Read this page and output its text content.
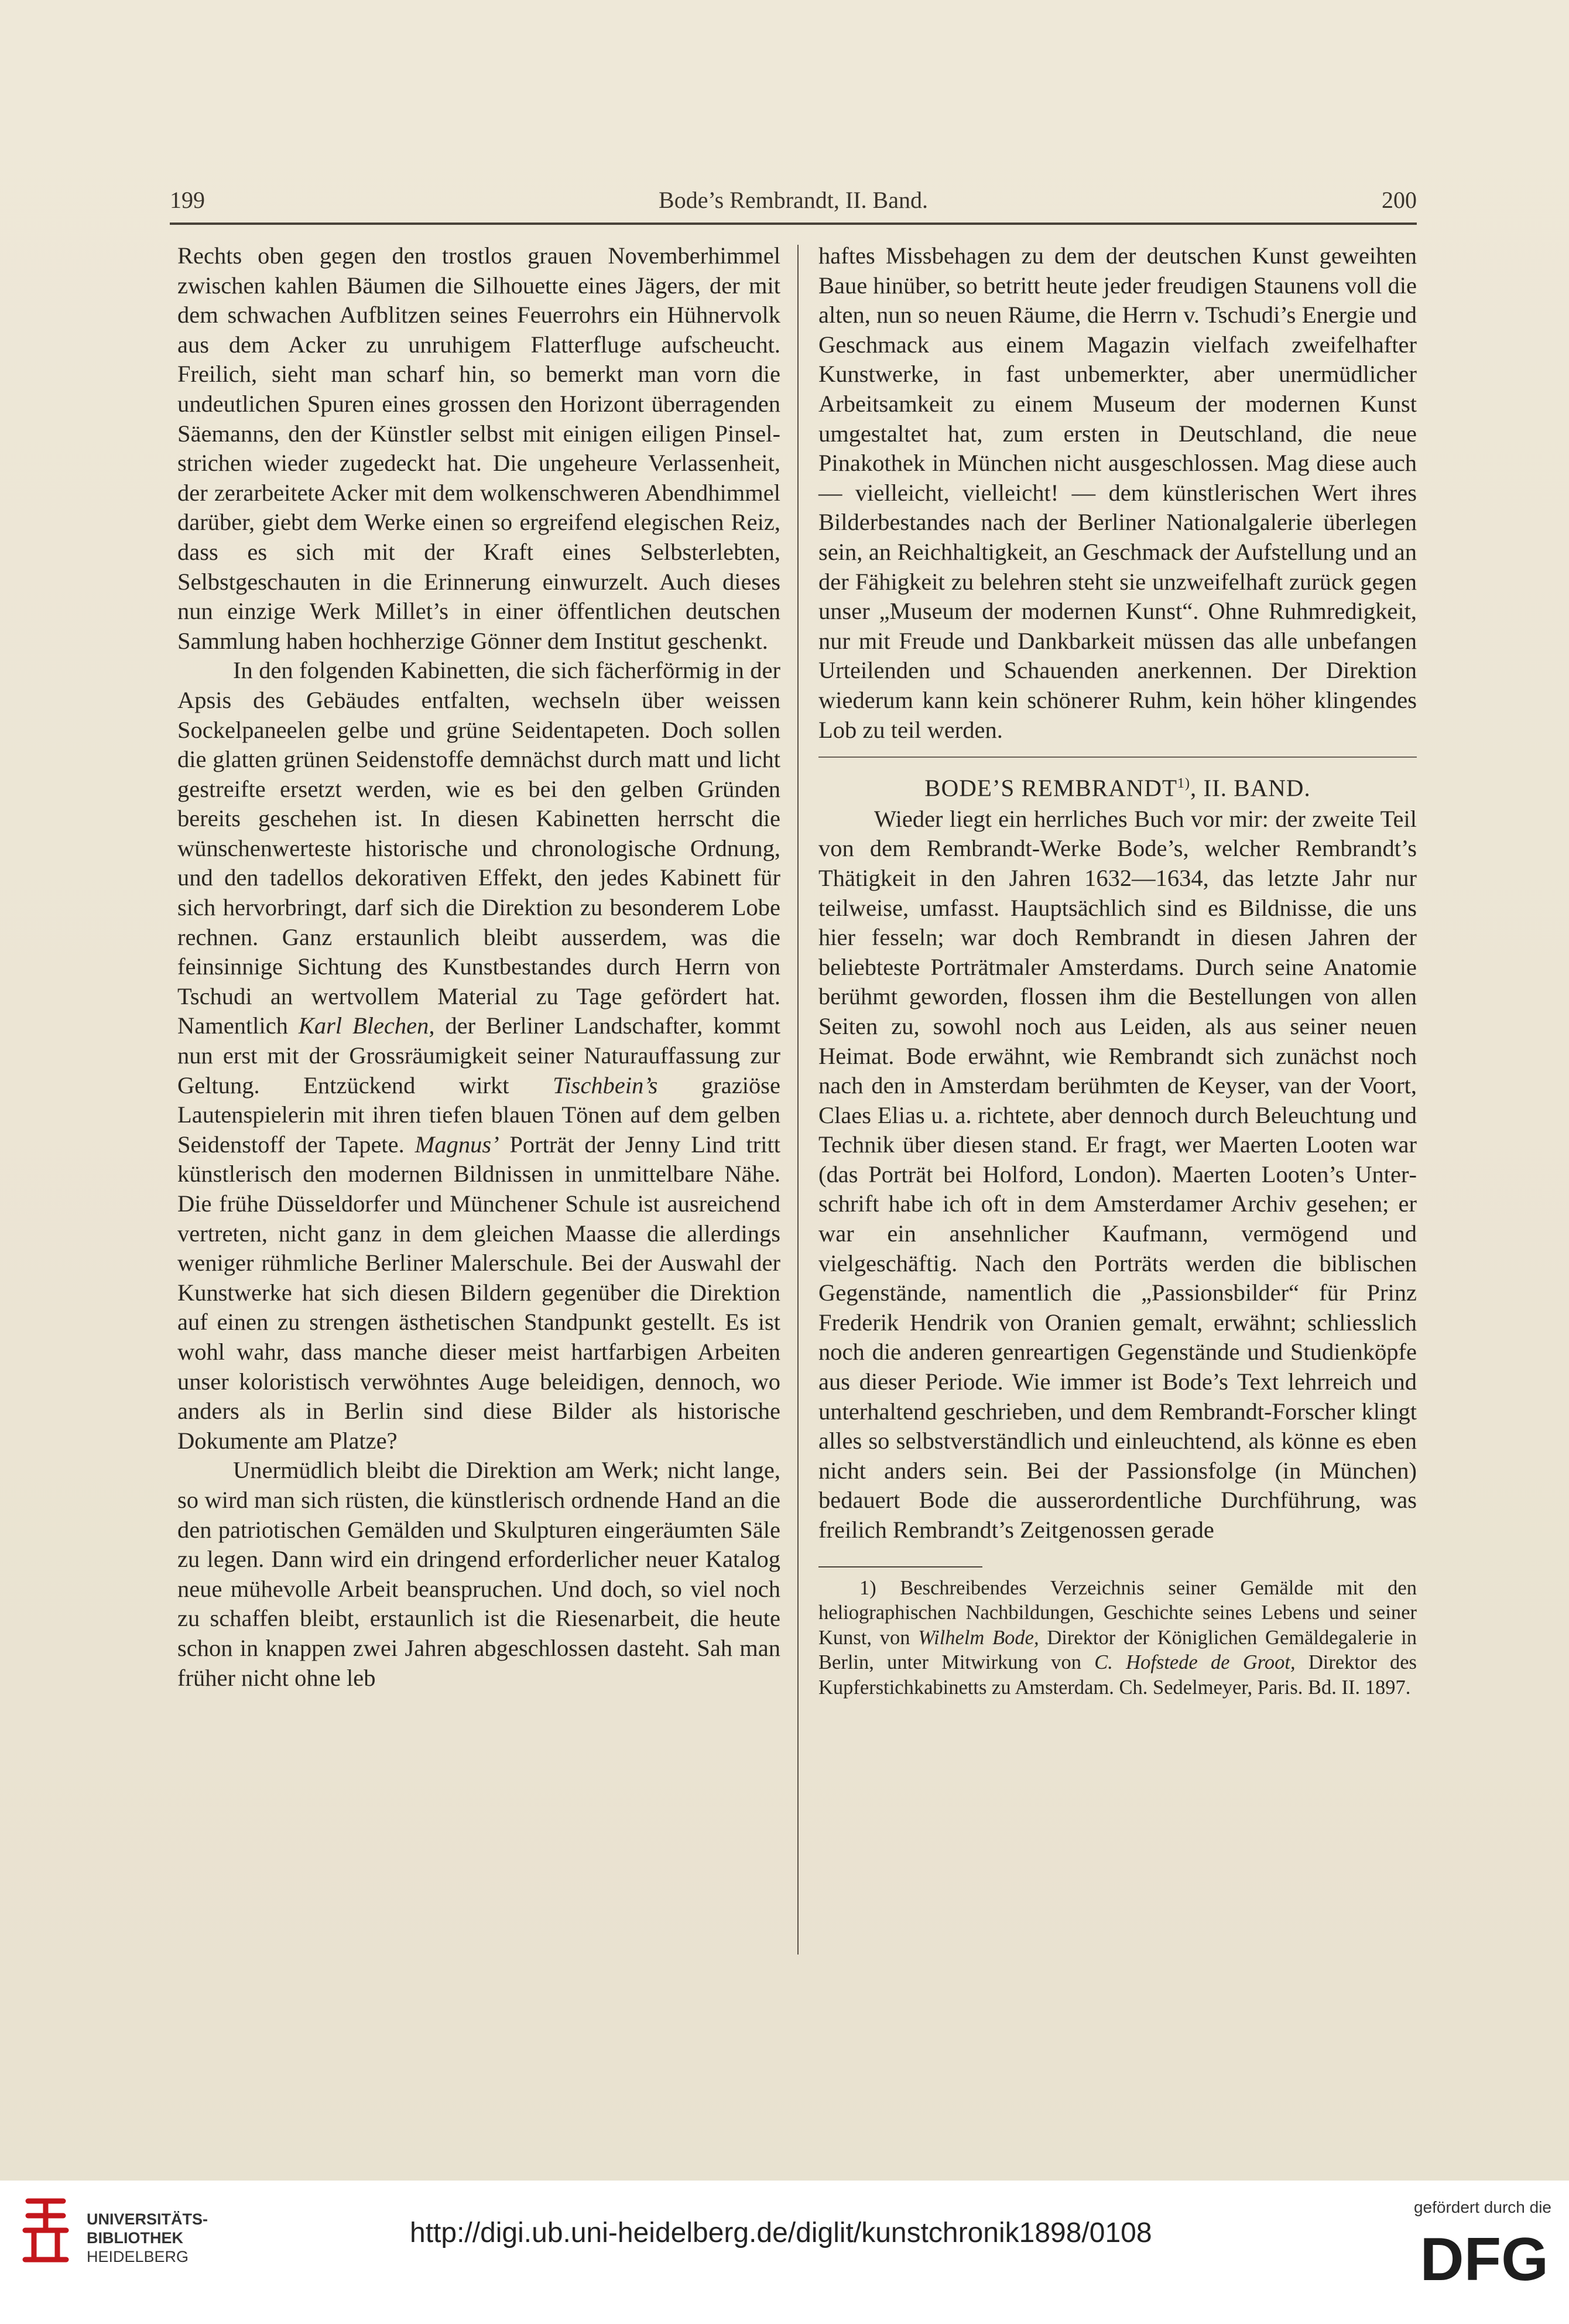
199	Bode’s Rembrandt, II. Band.	200

Rechts oben gegen den trostlos grauen Novemberhimmel zwischen kahlen Bäumen die Silhouette eines Jägers, der mit dem schwachen Aufblitzen seines Feuerrohrs ein Hühnervolk aus dem Acker zu unruhigem Flatterfluge aufscheucht. Freilich, sieht man scharf hin, so bemerkt man vorn die undeutlichen Spuren eines grossen den Horizont überragenden Säemanns, den der Künstler selbst mit einigen eiligen Pinselstrichen wieder zugedeckt hat. Die ungeheure Verlassenheit, der zerarbeitete Acker mit dem wolkenschweren Abendhimmel darüber, giebt dem Werke einen so ergreifend elegischen Reiz, dass es sich mit der Kraft eines Selbsterlebten, Selbstgeschauten in die Erinnerung einwurzelt. Auch dieses nun einzige Werk Millet’s in einer öffentlichen deutschen Sammlung haben hochherzige Gönner dem Institut geschenkt.

In den folgenden Kabinetten, die sich fächerförmig in der Apsis des Gebäudes entfalten, wechseln über weissen Sockelpaneelen gelbe und grüne Seidentapeten. Doch sollen die glatten grünen Seidenstoffe demnächst durch matt und licht gestreifte ersetzt werden, wie es bei den gelben Gründen bereits geschehen ist. In diesen Kabinetten herrscht die wünschenwerteste historische und chronologische Ordnung, und den tadellos dekorativen Effekt, den jedes Kabinett für sich hervorbringt, darf sich die Direktion zu besonderem Lobe rechnen. Ganz erstaunlich bleibt ausserdem, was die feinsinnige Sichtung des Kunstbestandes durch Herrn von Tschudi an wertvollem Material zu Tage gefördert hat. Namentlich Karl Blechen, der Berliner Landschafter, kommt nun erst mit der Grossräumigkeit seiner Naturauffassung zur Geltung. Entzückend wirkt Tischbein’s graziöse Lautenspielerin mit ihren tiefen blauen Tönen auf dem gelben Seidenstoff der Tapete. Magnus’ Porträt der Jenny Lind tritt künstlerisch den modernen Bildnissen in unmittelbare Nähe. Die frühe Düsseldorfer und Münchener Schule ist ausreichend vertreten, nicht ganz in dem gleichen Maasse die allerdings weniger rühmliche Berliner Malerschule. Bei der Auswahl der Kunstwerke hat sich diesen Bildern gegenüber die Direktion auf einen zu strengen ästhetischen Standpunkt gestellt. Es ist wohl wahr, dass manche dieser meist hartfarbigen Arbeiten unser koloristisch verwöhntes Auge beleidigen, dennoch, wo anders als in Berlin sind diese Bilder als historische Dokumente am Platze?

Unermüdlich bleibt die Direktion am Werk; nicht lange, so wird man sich rüsten, die künstlerisch ordnende Hand an die den patriotischen Gemälden und Skulpturen eingeräumten Säle zu legen. Dann wird ein dringend erforderlicher neuer Katalog neue mühevolle Arbeit beanspruchen. Und doch, so viel noch zu schaffen bleibt, erstaunlich ist die Riesenarbeit, die heute schon in knappen zwei Jahren abgeschlossen dasteht. Sah man früher nicht ohne leb

haftes Missbehagen zu dem der deutschen Kunst geweihten Baue hinüber, so betritt heute jeder freudigen Staunens voll die alten, nun so neuen Räume, die Herrn v. Tschudi’s Energie und Geschmack aus einem Magazin vielfach zweifelhafter Kunstwerke, in fast unbemerkter, aber unermüdlicher Arbeitsamkeit zu einem Museum der modernen Kunst umgestaltet hat, zum ersten in Deutschland, die neue Pinakothek in München nicht ausgeschlossen. Mag diese auch — vielleicht, vielleicht! — dem künstlerischen Wert ihres Bilderbestandes nach der Berliner Nationalgalerie überlegen sein, an Reichhaltigkeit, an Geschmack der Aufstellung und an der Fähigkeit zu belehren steht sie unzweifelhaft zurück gegen unser „Museum der modernen Kunst“. Ohne Ruhmredigkeit, nur mit Freude und Dankbarkeit müssen das alle unbefangen Urteilenden und Schauenden anerkennen. Der Direktion wiederum kann kein schönerer Ruhm, kein höher klingendes Lob zu teil werden.

BODE’S REMBRANDT$^{1)}$, II. BAND.

Wieder liegt ein herrliches Buch vor mir: der zweite Teil von dem Rembrandt-Werke Bode’s, welcher Rembrandt’s Thätigkeit in den Jahren 1632—1634, das letzte Jahr nur teilweise, umfasst. Hauptsächlich sind es Bildnisse, die uns hier fesseln; war doch Rembrandt in diesen Jahren der beliebteste Porträtmaler Amsterdams. Durch seine Anatomie berühmt geworden, flossen ihm die Bestellungen von allen Seiten zu, sowohl noch aus Leiden, als aus seiner neuen Heimat. Bode erwähnt, wie Rembrandt sich zunächst noch nach den in Amsterdam berühmten de Keyser, van der Voort, Claes Elias u. a. richtete, aber dennoch durch Beleuchtung und Technik über diesen stand. Er fragt, wer Maerten Looten war (das Porträt bei Holford, London). Maerten Looten’s Unterschrift habe ich oft in dem Amsterdamer Archiv gesehen; er war ein ansehnlicher Kaufmann, vermögend und vielgeschäftig. Nach den Porträts werden die biblischen Gegenstände, namentlich die „Passionsbilder“ für Prinz Frederik Hendrik von Oranien gemalt, erwähnt; schliesslich noch die anderen genreartigen Gegenstände und Studienköpfe aus dieser Periode. Wie immer ist Bode’s Text lehrreich und unterhaltend geschrieben, und dem Rembrandt-Forscher klingt alles so selbstverständlich und einleuchtend, als könne es eben nicht anders sein. Bei der Passionsfolge (in München) bedauert Bode die ausserordentliche Durchführung, was freilich Rembrandt’s Zeitgenossen gerade

1) Beschreibendes Verzeichnis seiner Gemälde mit den heliographischen Nachbildungen, Geschichte seines Lebens und seiner Kunst, von Wilhelm Bode, Direktor der Königlichen Gemäldegalerie in Berlin, unter Mitwirkung von C. Hofstede de Groot, Direktor des Kupferstichkabinetts zu Amsterdam. Ch. Sedelmeyer, Paris. Bd. II. 1897.

UNIVERSITÄTS-
BIBLIOTHEK
HEIDELBERG
http://digi.ub.uni-heidelberg.de/diglit/kunstchronik1898/0108
gefördert durch die
DFG
